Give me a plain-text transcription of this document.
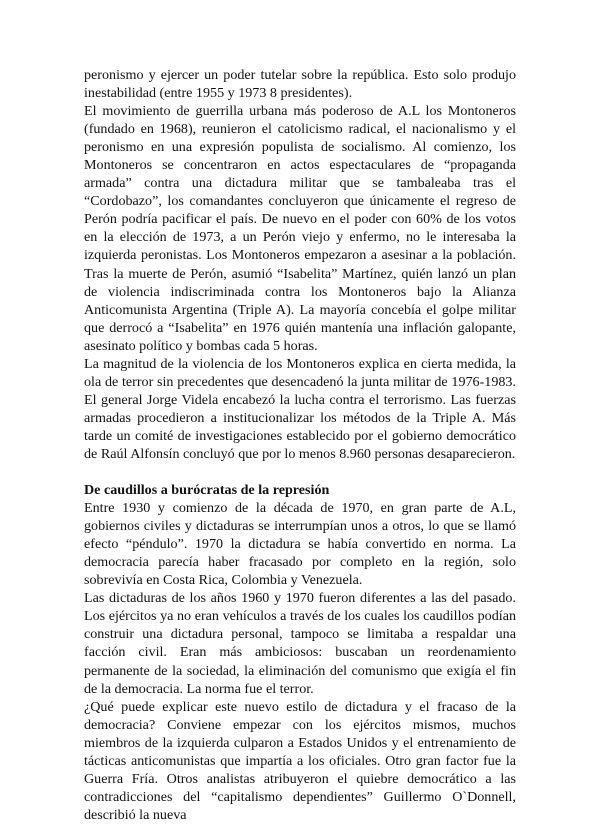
peronismo y ejercer un poder tutelar sobre la república. Esto solo produjo inestabilidad (entre 1955 y 1973 8 presidentes).

El movimiento de guerrilla urbana más poderoso de A.L los Montoneros (fundado en 1968), reunieron el catolicismo radical, el nacionalismo y el peronismo en una expresión populista de socialismo. Al comienzo, los Montoneros se concentraron en actos espectaculares de “propaganda armada” contra una dictadura militar que se tambaleaba tras el “Cordobazo”, los comandantes concluyeron que únicamente el regreso de Perón podría pacificar el país. De nuevo en el poder con 60% de los votos en la elección de 1973, a un Perón viejo y enfermo, no le interesaba la izquierda peronistas. Los Montoneros empezaron a asesinar a la población. Tras la muerte de Perón, asumió “Isabelita” Martínez, quién lanzó un plan de violencia indiscriminada contra los Montoneros bajo la Alianza Anticomunista Argentina (Triple A). La mayoría concebía el golpe militar que derrocó a “Isabelita” en 1976 quién mantenía una inflación galopante, asesinato político y bombas cada 5 horas.

La magnitud de la violencia de los Montoneros explica en cierta medida, la ola de terror sin precedentes que desencadenó la junta militar de 1976-1983. El general Jorge Videla encabezó la lucha contra el terrorismo. Las fuerzas armadas procedieron a institucionalizar los métodos de la Triple A. Más tarde un comité de investigaciones establecido por el gobierno democrático de Raúl Alfonsín concluyó que por lo menos 8.960 personas desaparecieron.

De caudillos a burócratas de la represión

Entre 1930 y comienzo de la década de 1970, en gran parte de A.L, gobiernos civiles y dictaduras se interrumpían unos a otros, lo que se llamó efecto “péndulo”. 1970 la dictadura se había convertido en norma. La democracia parecía haber fracasado por completo en la región, solo sobrevivía en Costa Rica, Colombia y Venezuela.

Las dictaduras de los años 1960 y 1970 fueron diferentes a las del pasado. Los ejércitos ya no eran vehículos a través de los cuales los caudillos podían construir una dictadura personal, tampoco se limitaba a respaldar una facción civil. Eran más ambiciosos: buscaban un reordenamiento permanente de la sociedad, la eliminación del comunismo que exigía el fin de la democracia. La norma fue el terror.

¿Qué puede explicar este nuevo estilo de dictadura y el fracaso de la democracia? Conviene empezar con los ejércitos mismos, muchos miembros de la izquierda culparon a Estados Unidos y el entrenamiento de tácticas anticomunistas que impartía a los oficiales. Otro gran factor fue la Guerra Fría. Otros analistas atribuyeron el quiebre democrático a las contradicciones del “capitalismo dependientes” Guillermo O`Donnell, describió la nueva
